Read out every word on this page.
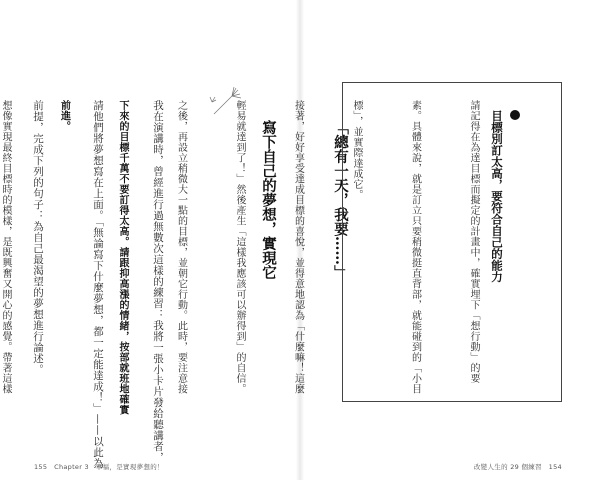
我在演講時，曾經進行過無數次這樣的練習：我將一張小卡片發給聽講者，

請他們將夢想寫在上面。「無論寫下什麼夢想，都一定能達成！」——以此為

前提，完成下列的句子：為自己最渴望的夢想進行論述。

	「總有一天，我要……」

寫下自己的夢想，實現它

155　Chapter 3　幸福，是實現夢想的！

目標別訂太高，要符合自己的能力

請記得在為達目標而擬定的計畫中，確實埋下「想行動」的要

素。具體來說，就是訂立只要稍微挺直背部，就能碰到的「小目

標」，並實際達成它。

接著，好好享受達成目標的喜悅，並得意地認為「什麼嘛！這麼

輕易就達到了！」然後產生「這樣我應該可以辦得到」的自信。

之後，再設立稍微大一點的目標，並朝它行動。此時，要注意接

下來的目標千萬不要訂得太高。請跟抑高漲的情緒，按部就班地確實

前進。

想像實現最終目標時的模樣，是既興奮又開心的感覺。帶著這樣

改變人生的 29 個練習　154
